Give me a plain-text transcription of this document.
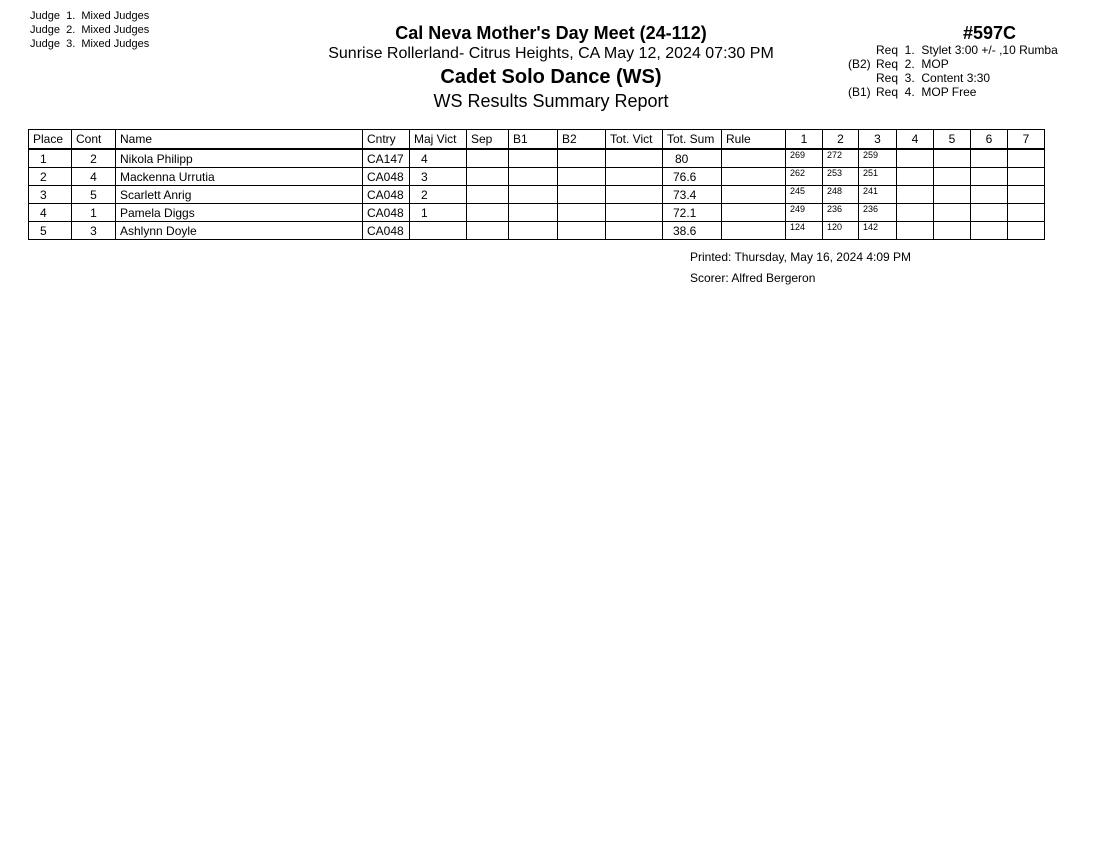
Judge  1.  Mixed Judges
Judge  2.  Mixed Judges
Judge  3.  Mixed Judges
Cal Neva Mother's Day Meet (24-112)
Sunrise Rollerland- Citrus Heights, CA May 12, 2024 07:30 PM
Cadet Solo Dance (WS)
WS Results Summary Report
#597C
Req  1.  Stylet 3:00 +/- ,10 Rumba
(B2) Req  2.  MOP
Req  3.  Content 3:30
(B1) Req  4.  MOP Free
Place	Cont	Name	Cntry	Maj Vict	Sep	B1	B2	Tot. Vict	Tot. Sum	Rule	1	2	3	4	5	6	7
1	2	Nikola Philipp	CA147	4					80		269	272	259				
2	4	Mackenna Urrutia	CA048	3					76.6		262	253	251				
3	5	Scarlett Anrig	CA048	2					73.4		245	248	241				
4	1	Pamela Diggs	CA048	1					72.1		249	236	236				
5	3	Ashlynn Doyle	CA048						38.6		124	120	142				
Printed: Thursday, May 16, 2024 4:09 PM
Scorer: Alfred Bergeron
